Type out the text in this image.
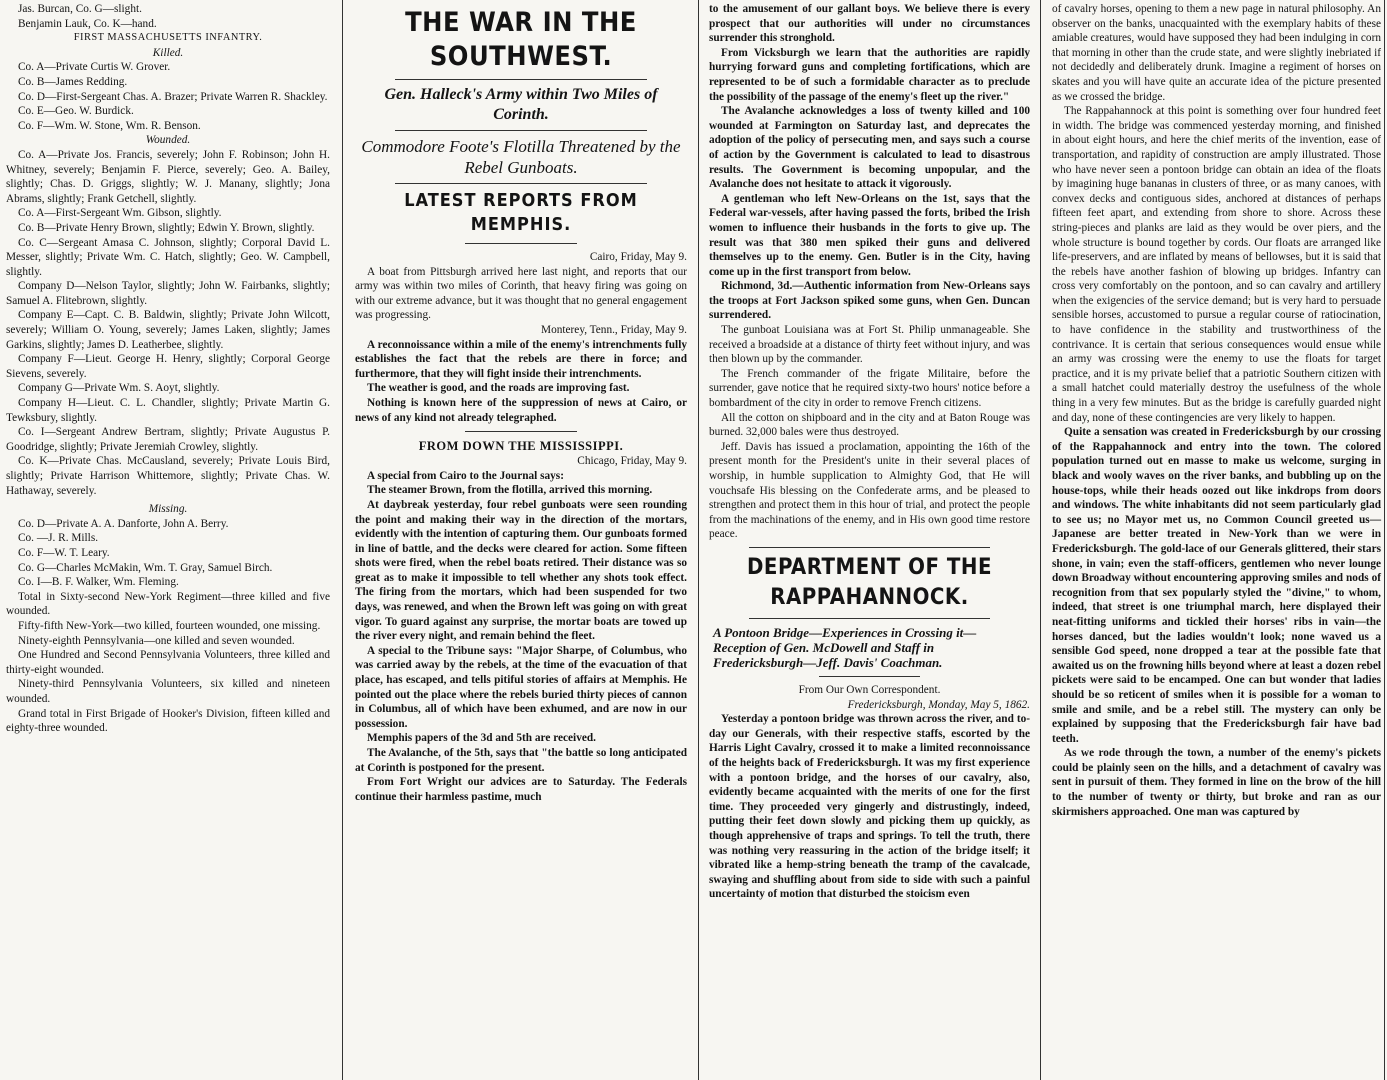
Jas. Burcan, Co. G—slight.

Benjamin Lauk, Co. K—hand.

FIRST MASSACHUSETTS INFANTRY.

Killed.

Co. A—Private Curtis W. Grover.

Co. B—James Redding.

Co. D—First-Sergeant Chas. A. Brazer; Private Warren R. Shackley.

Co. E—Geo. W. Burdick.

Co. F—Wm. W. Stone, Wm. R. Benson.

Wounded.

Co. A—Private Jos. Francis, severely; John F. Robinson; John H. Whitney, severely; Benjamin F. Pierce, severely; Geo. A. Bailey, slightly; Chas. D. Griggs, slightly; W. J. Manany, slightly; Jona Abrams, slightly; Frank Getchell, slightly.

Co. A—First-Sergeant Wm. Gibson, slightly.

Co. B—Private Henry Brown, slightly; Edwin Y. Brown, slightly.

Co. C—Sergeant Amasa C. Johnson, slightly; Corporal David L. Messer, slightly; Private Wm. C. Hatch, slightly; Geo. W. Campbell, slightly.

Company D—Nelson Taylor, slightly; John W. Fairbanks, slightly; Samuel A. Flitebrown, slightly.

Company E—Capt. C. B. Baldwin, slightly; Private John Wilcott, severely; William O. Young, severely; James Laken, slightly; James Garkins, slightly; James D. Leatherbee, slightly.

Company F—Lieut. George H. Henry, slightly; Corporal George Sievens, severely.

Company G—Private Wm. S. Aoyt, slightly.

Company H—Lieut. C. L. Chandler, slightly; Private Martin G. Tewksbury, slightly.

Co. I—Sergeant Andrew Bertram, slightly; Private Augustus P. Goodridge, slightly; Private Jeremiah Crowley, slightly.

Co. K—Private Chas. McCausland, severely; Private Louis Bird, slightly; Private Harrison Whittemore, slightly; Private Chas. W. Hathaway, severely.

Missing.

Co. D—Private A. A. Danforte, John A. Berry.

Co. —J. R. Mills.

Co. F—W. T. Leary.

Co. G—Charles McMakin, Wm. T. Gray, Samuel Birch.

Co. I—B. F. Walker, Wm. Fleming.

Total in Sixty-second New-York Regiment—three killed and five wounded.

Fifty-fifth New-York—two killed, fourteen wounded, one missing.

Ninety-eighth Pennsylvania—one killed and seven wounded.

One Hundred and Second Pennsylvania Volunteers, three killed and thirty-eight wounded.

Ninety-third Pennsylvania Volunteers, six killed and nineteen wounded.

Grand total in First Brigade of Hooker's Division, fifteen killed and eighty-three wounded.

THE WAR IN THE SOUTHWEST.
Gen. Halleck's Army within Two Miles of Corinth.
Commodore Foote's Flotilla Threatened by the Rebel Gunboats.
LATEST REPORTS FROM MEMPHIS.

Cairo, Friday, May 9.

A boat from Pittsburgh arrived here last night, and reports that our army was within two miles of Corinth, that heavy firing was going on with our extreme advance, but it was thought that no general engagement was progressing.

Monterey, Tenn., Friday, May 9.

A reconnoissance within a mile of the enemy's intrenchments fully establishes the fact that the rebels are there in force; and furthermore, that they will fight inside their intrenchments.

The weather is good, and the roads are improving fast.

Nothing is known here of the suppression of news at Cairo, or news of any kind not already telegraphed.

FROM DOWN THE MISSISSIPPI.

Chicago, Friday, May 9.

A special from Cairo to the Journal says:

The steamer Brown, from the flotilla, arrived this morning.

At daybreak yesterday, four rebel gunboats were seen rounding the point and making their way in the direction of the mortars, evidently with the intention of capturing them. Our gunboats formed in line of battle, and the decks were cleared for action. Some fifteen shots were fired, when the rebel boats retired. Their distance was so great as to make it impossible to tell whether any shots took effect. The firing from the mortars, which had been suspended for two days, was renewed, and when the Brown left was going on with great vigor. To guard against any surprise, the mortar boats are towed up the river every night, and remain behind the fleet.

A special to the Tribune says: "Major Sharpe, of Columbus, who was carried away by the rebels, at the time of the evacuation of that place, has escaped, and tells pitiful stories of affairs at Memphis. He pointed out the place where the rebels buried thirty pieces of cannon in Columbus, all of which have been exhumed, and are now in our possession.

Memphis papers of the 3d and 5th are received.

The Avalanche, of the 5th, says that "the battle so long anticipated at Corinth is postponed for the present.

From Fort Wright our advices are to Saturday. The Federals continue their harmless pastime, much

to the amusement of our gallant boys. We believe there is every prospect that our authorities will under no circumstances surrender this stronghold.

From Vicksburgh we learn that the authorities are rapidly hurrying forward guns and completing fortifications, which are represented to be of such a formidable character as to preclude the possibility of the passage of the enemy's fleet up the river."

The Avalanche acknowledges a loss of twenty killed and 100 wounded at Farmington on Saturday last, and deprecates the adoption of the policy of persecuting men, and says such a course of action by the Government is calculated to lead to disastrous results. The Government is becoming unpopular, and the Avalanche does not hesitate to attack it vigorously.

A gentleman who left New-Orleans on the 1st, says that the Federal war-vessels, after having passed the forts, bribed the Irish women to influence their husbands in the forts to give up. The result was that 380 men spiked their guns and delivered themselves up to the enemy. Gen. Butler is in the City, having come up in the first transport from below.

Richmond, 3d.—Authentic information from New-Orleans says the troops at Fort Jackson spiked some guns, when Gen. Duncan surrendered.

The gunboat Louisiana was at Fort St. Philip unmanageable. She received a broadside at a distance of thirty feet without injury, and was then blown up by the commander.

The French commander of the frigate Militaire, before the surrender, gave notice that he required sixty-two hours' notice before a bombardment of the city in order to remove French citizens.

All the cotton on shipboard and in the city and at Baton Rouge was burned. 32,000 bales were thus destroyed.

Jeff. Davis has issued a proclamation, appointing the 16th of the present month for the President's unite in their several places of worship, in humble supplication to Almighty God, that He will vouchsafe His blessing on the Confederate arms, and be pleased to strengthen and protect them in this hour of trial, and protect the people from the machinations of the enemy, and in His own good time restore peace.

DEPARTMENT OF THE RAPPAHANNOCK.
A Pontoon Bridge—Experiences in Crossing it—Reception of Gen. McDowell and Staff in Fredericksburgh—Jeff. Davis' Coachman.

From Our Own Correspondent.

Fredericksburgh, Monday, May 5, 1862.

Yesterday a pontoon bridge was thrown across the river, and to-day our Generals, with their respective staffs, escorted by the Harris Light Cavalry, crossed it to make a limited reconnoissance of the heights back of Fredericksburgh. It was my first experience with a pontoon bridge, and the horses of our cavalry, also, evidently became acquainted with the merits of one for the first time. They proceeded very gingerly and distrustingly, indeed, putting their feet down slowly and picking them up quickly, as though apprehensive of traps and springs. To tell the truth, there was nothing very reassuring in the action of the bridge itself; it vibrated like a hemp-string beneath the tramp of the cavalcade, swaying and shuffling about from side to side with such a painful uncertainty of motion that disturbed the stoicism even

of cavalry horses, opening to them a new page in natural philosophy. An observer on the banks, unacquainted with the exemplary habits of these amiable creatures, would have supposed they had been indulging in corn that morning in other than the crude state, and were slightly inebriated if not decidedly and deliberately drunk. Imagine a regiment of horses on skates and you will have quite an accurate idea of the picture presented as we crossed the bridge.

The Rappahannock at this point is something over four hundred feet in width. The bridge was commenced yesterday morning, and finished in about eight hours, and here the chief merits of the invention, ease of transportation, and rapidity of construction are amply illustrated. Those who have never seen a pontoon bridge can obtain an idea of the floats by imagining huge bananas in clusters of three, or as many canoes, with convex decks and contiguous sides, anchored at distances of perhaps fifteen feet apart, and extending from shore to shore. Across these string-pieces and planks are laid as they would be over piers, and the whole structure is bound together by cords. Our floats are arranged like life-preservers, and are inflated by means of bellowses, but it is said that the rebels have another fashion of blowing up bridges. Infantry can cross very comfortably on the pontoon, and so can cavalry and artillery when the exigencies of the service demand; but is very hard to persuade sensible horses, accustomed to pursue a regular course of ratiocination, to have confidence in the stability and trustworthiness of the contrivance. It is certain that serious consequences would ensue while an army was crossing were the enemy to use the floats for target practice, and it is my private belief that a patriotic Southern citizen with a small hatchet could materially destroy the usefulness of the whole thing in a very few minutes. But as the bridge is carefully guarded night and day, none of these contingencies are very likely to happen.

Quite a sensation was created in Fredericksburgh by our crossing of the Rappahannock and entry into the town. The colored population turned out en masse to make us welcome, surging in black and wooly waves on the river banks, and bubbling up on the house-tops, while their heads oozed out like inkdrops from doors and windows. The white inhabitants did not seem particularly glad to see us; no Mayor met us, no Common Council greeted us—Japanese are better treated in New-York than we were in Fredericksburgh. The gold-lace of our Generals glittered, their stars shone, in vain; even the staff-officers, gentlemen who never lounge down Broadway without encountering approving smiles and nods of recognition from that sex popularly styled the "divine," to whom, indeed, that street is one triumphal march, here displayed their neat-fitting uniforms and tickled their horses' ribs in vain—the horses danced, but the ladies wouldn't look; none waved us a sensible God speed, none dropped a tear at the possible fate that awaited us on the frowning hills beyond where at least a dozen rebel pickets were said to be encamped. One can but wonder that ladies should be so reticent of smiles when it is possible for a woman to smile and smile, and be a rebel still. The mystery can only be explained by supposing that the Fredericksburgh fair have bad teeth.

As we rode through the town, a number of the enemy's pickets could be plainly seen on the hills, and a detachment of cavalry was sent in pursuit of them. They formed in line on the brow of the hill to the number of twenty or thirty, but broke and ran as our skirmishers approached. One man was captured by
